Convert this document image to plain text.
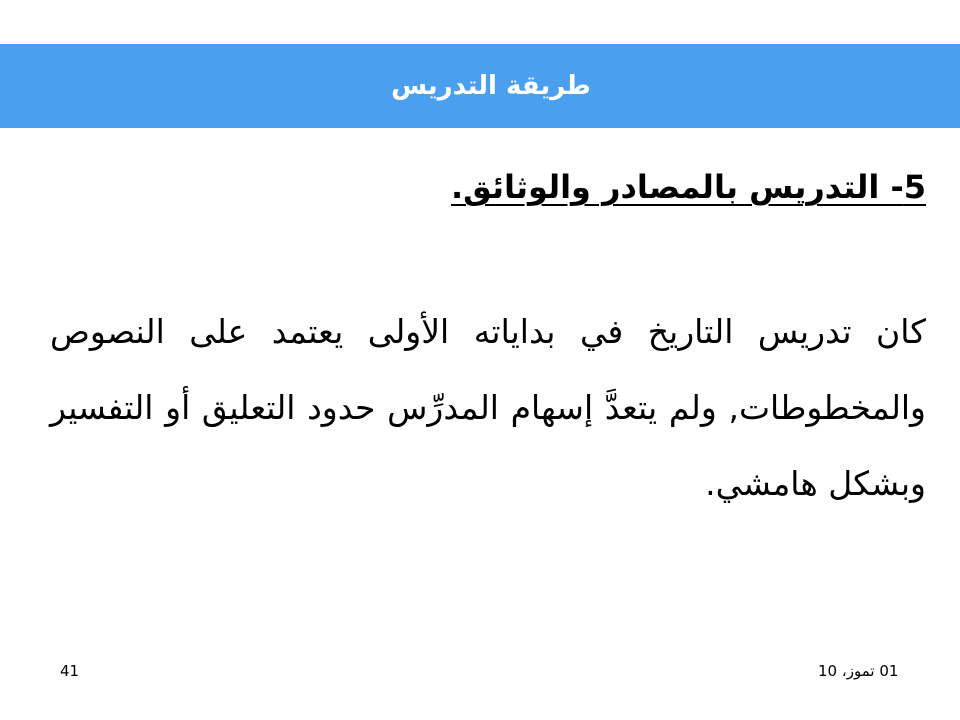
طريقة التدريس
5- التدريس بالمصادر والوثائق.

كان تدريس التاريخ في بداياته الأولى يعتمد على النصوص والمخطوطات, ولم يتعدَّ إسهام المدرِّس حدود التعليق أو التفسير وبشكل هامشي.

01 تموز، 10
41
